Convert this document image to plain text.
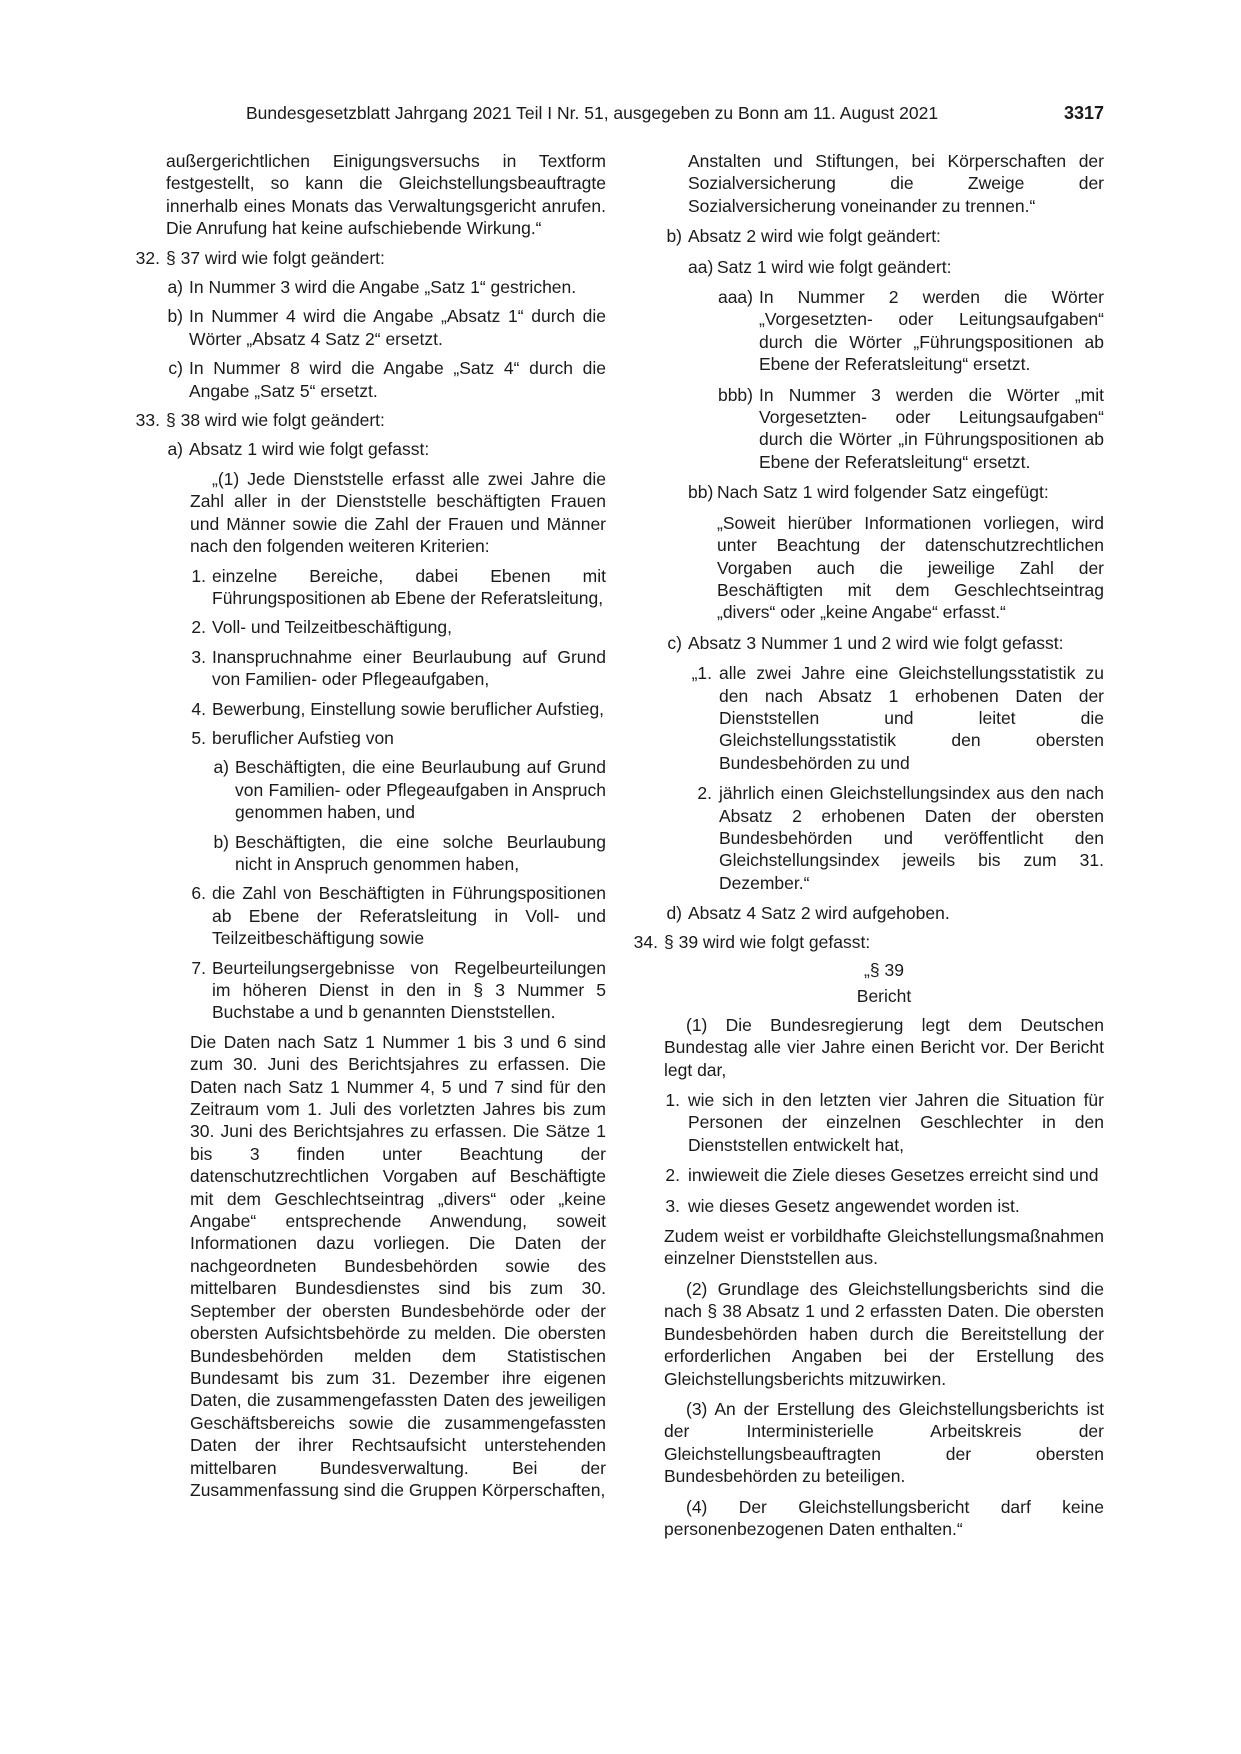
Bundesgesetzblatt Jahrgang 2021 Teil I Nr. 51, ausgegeben zu Bonn am 11. August 2021	3317

außergerichtlichen Einigungsversuchs in Textform festgestellt, so kann die Gleichstellungsbeauftragte innerhalb eines Monats das Verwaltungsgericht anrufen. Die Anrufung hat keine aufschiebende Wirkung.“

32. § 37 wird wie folgt geändert:
a) In Nummer 3 wird die Angabe „Satz 1“ gestrichen.
b) In Nummer 4 wird die Angabe „Absatz 1“ durch die Wörter „Absatz 4 Satz 2“ ersetzt.
c) In Nummer 8 wird die Angabe „Satz 4“ durch die Angabe „Satz 5“ ersetzt.
33. § 38 wird wie folgt geändert:
a) Absatz 1 wird wie folgt gefasst:

„(1) Jede Dienststelle erfasst alle zwei Jahre die Zahl aller in der Dienststelle beschäftigten Frauen und Männer sowie die Zahl der Frauen und Männer nach den folgenden weiteren Kriterien:

1. einzelne Bereiche, dabei Ebenen mit Führungspositionen ab Ebene der Referatsleitung,
2. Voll- und Teilzeitbeschäftigung,
3. Inanspruchnahme einer Beurlaubung auf Grund von Familien- oder Pflegeaufgaben,
4. Bewerbung, Einstellung sowie beruflicher Aufstieg,
5. beruflicher Aufstieg von
a) Beschäftigten, die eine Beurlaubung auf Grund von Familien- oder Pflegeaufgaben in Anspruch genommen haben, und
b) Beschäftigten, die eine solche Beurlaubung nicht in Anspruch genommen haben,
6. die Zahl von Beschäftigten in Führungspositionen ab Ebene der Referatsleitung in Voll- und Teilzeitbeschäftigung sowie
7. Beurteilungsergebnisse von Regelbeurteilungen im höheren Dienst in den in § 3 Nummer 5 Buchstabe a und b genannten Dienststellen.

Die Daten nach Satz 1 Nummer 1 bis 3 und 6 sind zum 30. Juni des Berichtsjahres zu erfassen. Die Daten nach Satz 1 Nummer 4, 5 und 7 sind für den Zeitraum vom 1. Juli des vorletzten Jahres bis zum 30. Juni des Berichtsjahres zu erfassen. Die Sätze 1 bis 3 finden unter Beachtung der datenschutzrechtlichen Vorgaben auf Beschäftigte mit dem Geschlechtseintrag „divers“ oder „keine Angabe“ entsprechende Anwendung, soweit Informationen dazu vorliegen. Die Daten der nachgeordneten Bundesbehörden sowie des mittelbaren Bundesdienstes sind bis zum 30. September der obersten Bundesbehörde oder der obersten Aufsichtsbehörde zu melden. Die obersten Bundesbehörden melden dem Statistischen Bundesamt bis zum 31. Dezember ihre eigenen Daten, die zusammengefassten Daten des jeweiligen Geschäftsbereichs sowie die zusammengefassten Daten der ihrer Rechtsaufsicht unterstehenden mittelbaren Bundesverwaltung. Bei der Zusammenfassung sind die Gruppen Körperschaften,

Anstalten und Stiftungen, bei Körperschaften der Sozialversicherung die Zweige der Sozialversicherung voneinander zu trennen.“

b) Absatz 2 wird wie folgt geändert:
aa) Satz 1 wird wie folgt geändert:
aaa) In Nummer 2 werden die Wörter „Vorgesetzten- oder Leitungsaufgaben“ durch die Wörter „Führungspositionen ab Ebene der Referatsleitung“ ersetzt.
bbb) In Nummer 3 werden die Wörter „mit Vorgesetzten- oder Leitungsaufgaben“ durch die Wörter „in Führungspositionen ab Ebene der Referatsleitung“ ersetzt.
bb) Nach Satz 1 wird folgender Satz eingefügt:

„Soweit hierüber Informationen vorliegen, wird unter Beachtung der datenschutzrechtlichen Vorgaben auch die jeweilige Zahl der Beschäftigten mit dem Geschlechtseintrag „divers“ oder „keine Angabe“ erfasst.“

c) Absatz 3 Nummer 1 und 2 wird wie folgt gefasst:
„1. alle zwei Jahre eine Gleichstellungsstatistik zu den nach Absatz 1 erhobenen Daten der Dienststellen und leitet die Gleichstellungsstatistik den obersten Bundesbehörden zu und
2. jährlich einen Gleichstellungsindex aus den nach Absatz 2 erhobenen Daten der obersten Bundesbehörden und veröffentlicht den Gleichstellungsindex jeweils bis zum 31. Dezember.“
d) Absatz 4 Satz 2 wird aufgehoben.
34. § 39 wird wie folgt gefasst:

„§ 39

Bericht

(1) Die Bundesregierung legt dem Deutschen Bundestag alle vier Jahre einen Bericht vor. Der Bericht legt dar,

1. wie sich in den letzten vier Jahren die Situation für Personen der einzelnen Geschlechter in den Dienststellen entwickelt hat,
2. inwieweit die Ziele dieses Gesetzes erreicht sind und
3. wie dieses Gesetz angewendet worden ist.

Zudem weist er vorbildhafte Gleichstellungsmaßnahmen einzelner Dienststellen aus.

(2) Grundlage des Gleichstellungsberichts sind die nach § 38 Absatz 1 und 2 erfassten Daten. Die obersten Bundesbehörden haben durch die Bereitstellung der erforderlichen Angaben bei der Erstellung des Gleichstellungsberichts mitzuwirken.

(3) An der Erstellung des Gleichstellungsberichts ist der Interministerielle Arbeitskreis der Gleichstellungsbeauftragten der obersten Bundesbehörden zu beteiligen.

(4) Der Gleichstellungsbericht darf keine personenbezogenen Daten enthalten.“
